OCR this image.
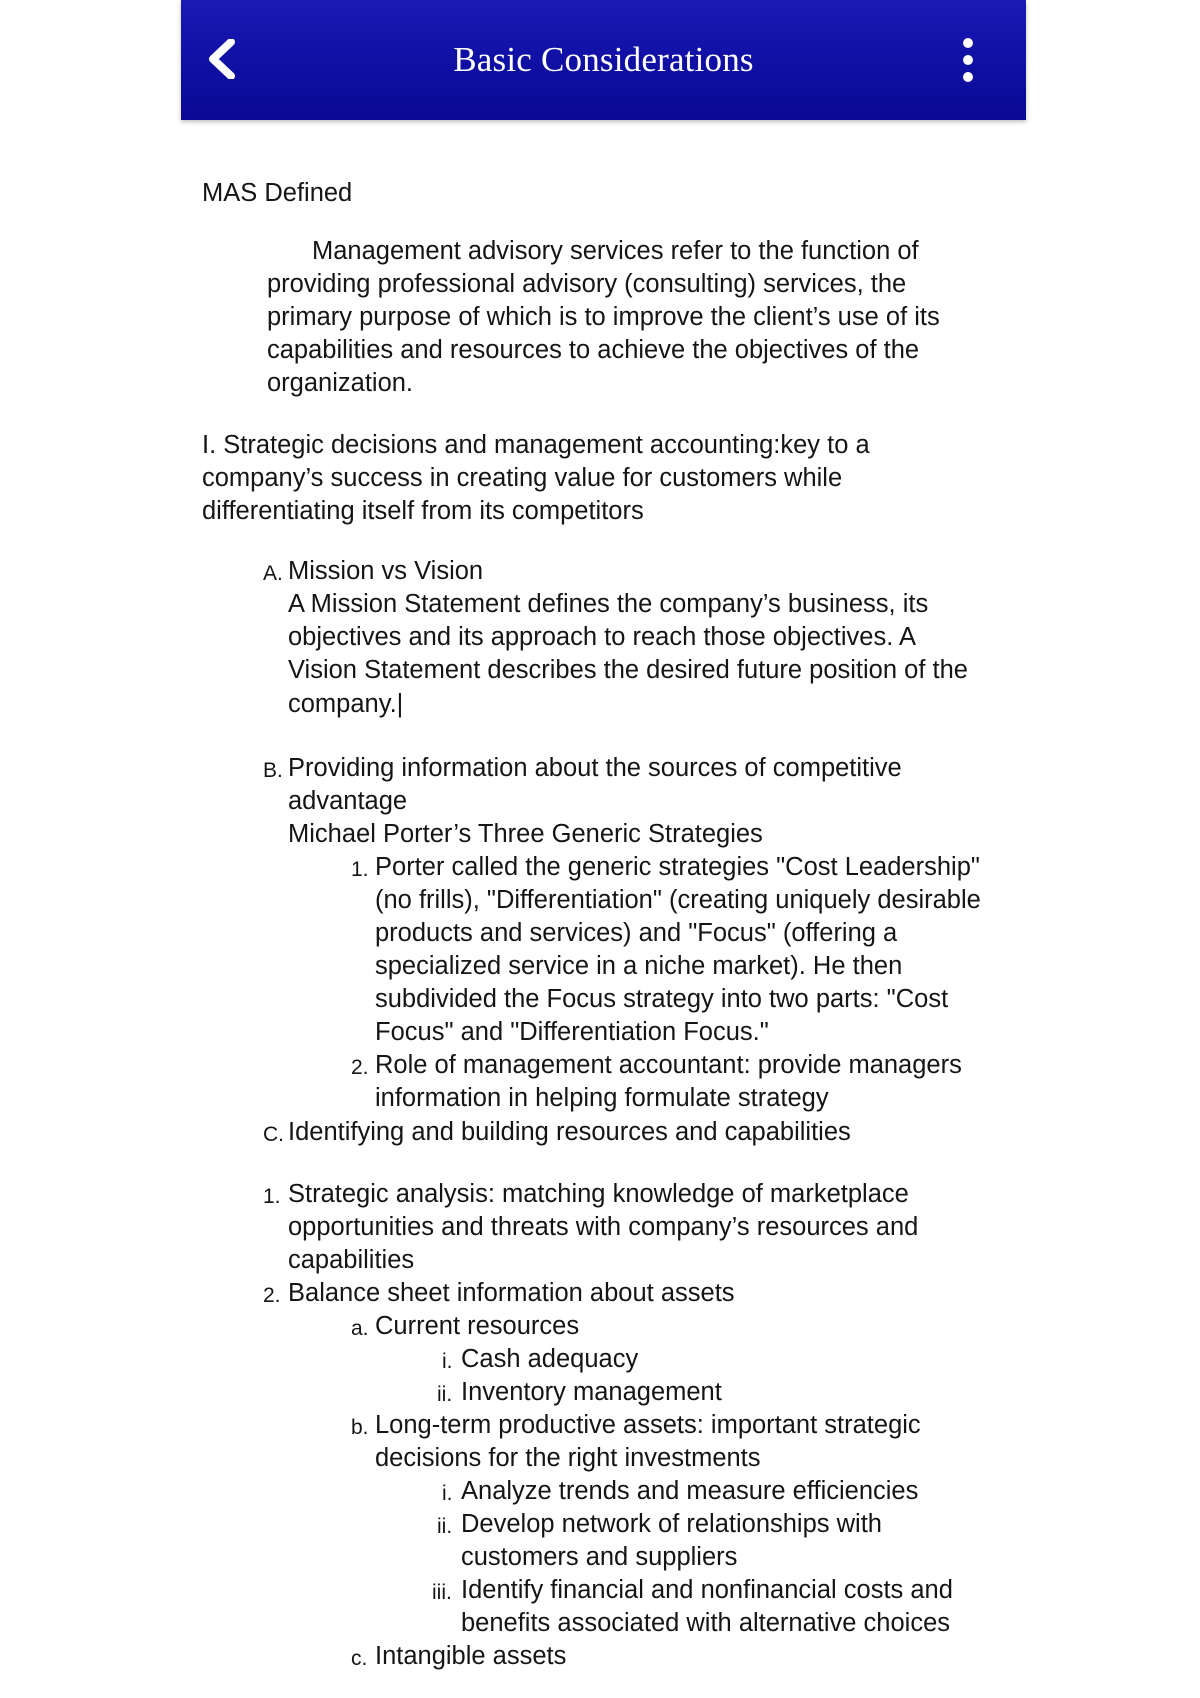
Basic Considerations
MAS Defined
Management advisory services refer to the function of
providing professional advisory (consulting) services, the
primary purpose of which is to improve the client’s use of its
capabilities and resources to achieve the objectives of the
organization.
I. Strategic decisions and management accounting:key to a
company’s success in creating value for customers while
differentiating itself from its competitors
A. Mission vs Vision
A Mission Statement defines the company’s business, its
objectives and its approach to reach those objectives. A
Vision Statement describes the desired future position of the
company.|
B. Providing information about the sources of competitive
advantage
Michael Porter’s Three Generic Strategies
1. Porter called the generic strategies "Cost Leadership"
(no frills), "Differentiation" (creating uniquely desirable
products and services) and "Focus" (offering a
specialized service in a niche market). He then
subdivided the Focus strategy into two parts: "Cost
Focus" and "Differentiation Focus."
2. Role of management accountant: provide managers
information in helping formulate strategy
C. Identifying and building resources and capabilities
1. Strategic analysis: matching knowledge of marketplace
opportunities and threats with company’s resources and
capabilities
2. Balance sheet information about assets
a. Current resources
i. Cash adequacy
ii. Inventory management
b. Long-term productive assets: important strategic
decisions for the right investments
i. Analyze trends and measure efficiencies
ii. Develop network of relationships with
customers and suppliers
iii. Identify financial and nonfinancial costs and
benefits associated with alternative choices
c. Intangible assets
